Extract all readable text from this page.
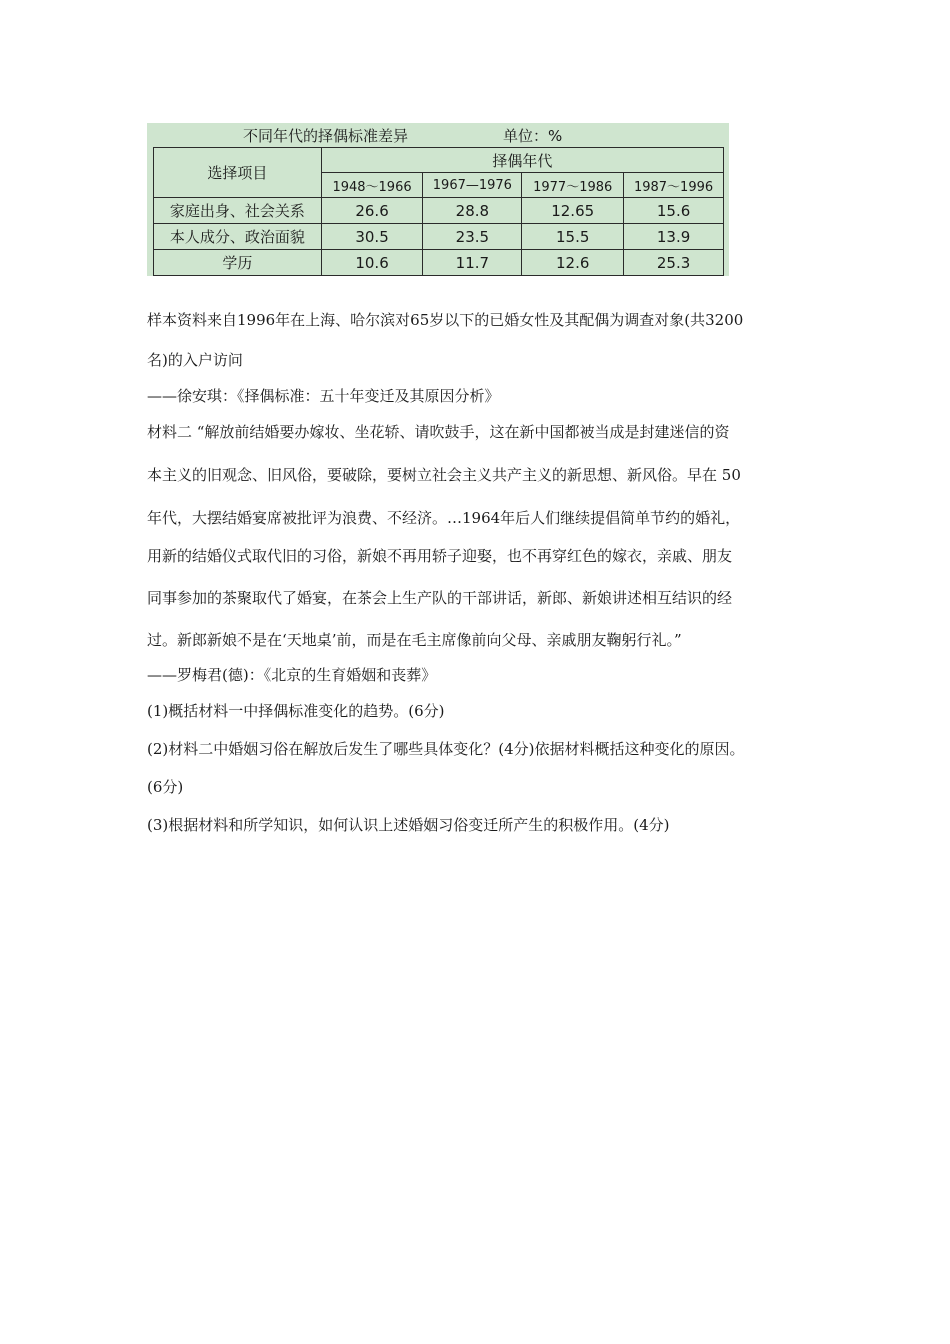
不同年代的择偶标准差异	单位：%
选择项目	择偶年代			
	1948～1966	1967—1976	1977～1986	1987～1996
家庭出身、社会关系	26.6	28.8	12.65	15.6
本人成分、政治面貌	30.5	23.5	15.5	13.9
学历	10.6	11.7	12.6	25.3
样本资料来自1996年在上海、哈尔滨对65岁以下的已婚女性及其配偶为调查对象(共3200
名)的入户访问
——徐安琪：《择偶标准：五十年变迁及其原因分析》
材料二 “解放前结婚要办嫁妆、坐花轿、请吹鼓手，这在新中国都被当成是封建迷信的资
本主义的旧观念、旧风俗，要破除，要树立社会主义共产主义的新思想、新风俗。早在 50
年代，大摆结婚宴席被批评为浪费、不经济。…1964年后人们继续提倡简单节约的婚礼，
用新的结婚仪式取代旧的习俗，新娘不再用轿子迎娶，也不再穿红色的嫁衣，亲戚、朋友
同事参加的茶聚取代了婚宴，在茶会上生产队的干部讲话，新郎、新娘讲述相互结识的经
过。新郎新娘不是在‘天地桌’前，而是在毛主席像前向父母、亲戚朋友鞠躬行礼。”
——罗梅君(德)：《北京的生育婚姻和丧葬》
(1)概括材料一中择偶标准变化的趋势。(6分)
(2)材料二中婚姻习俗在解放后发生了哪些具体变化？(4分)依据材料概括这种变化的原因。
(6分)
(3)根据材料和所学知识，如何认识上述婚姻习俗变迁所产生的积极作用。(4分)
